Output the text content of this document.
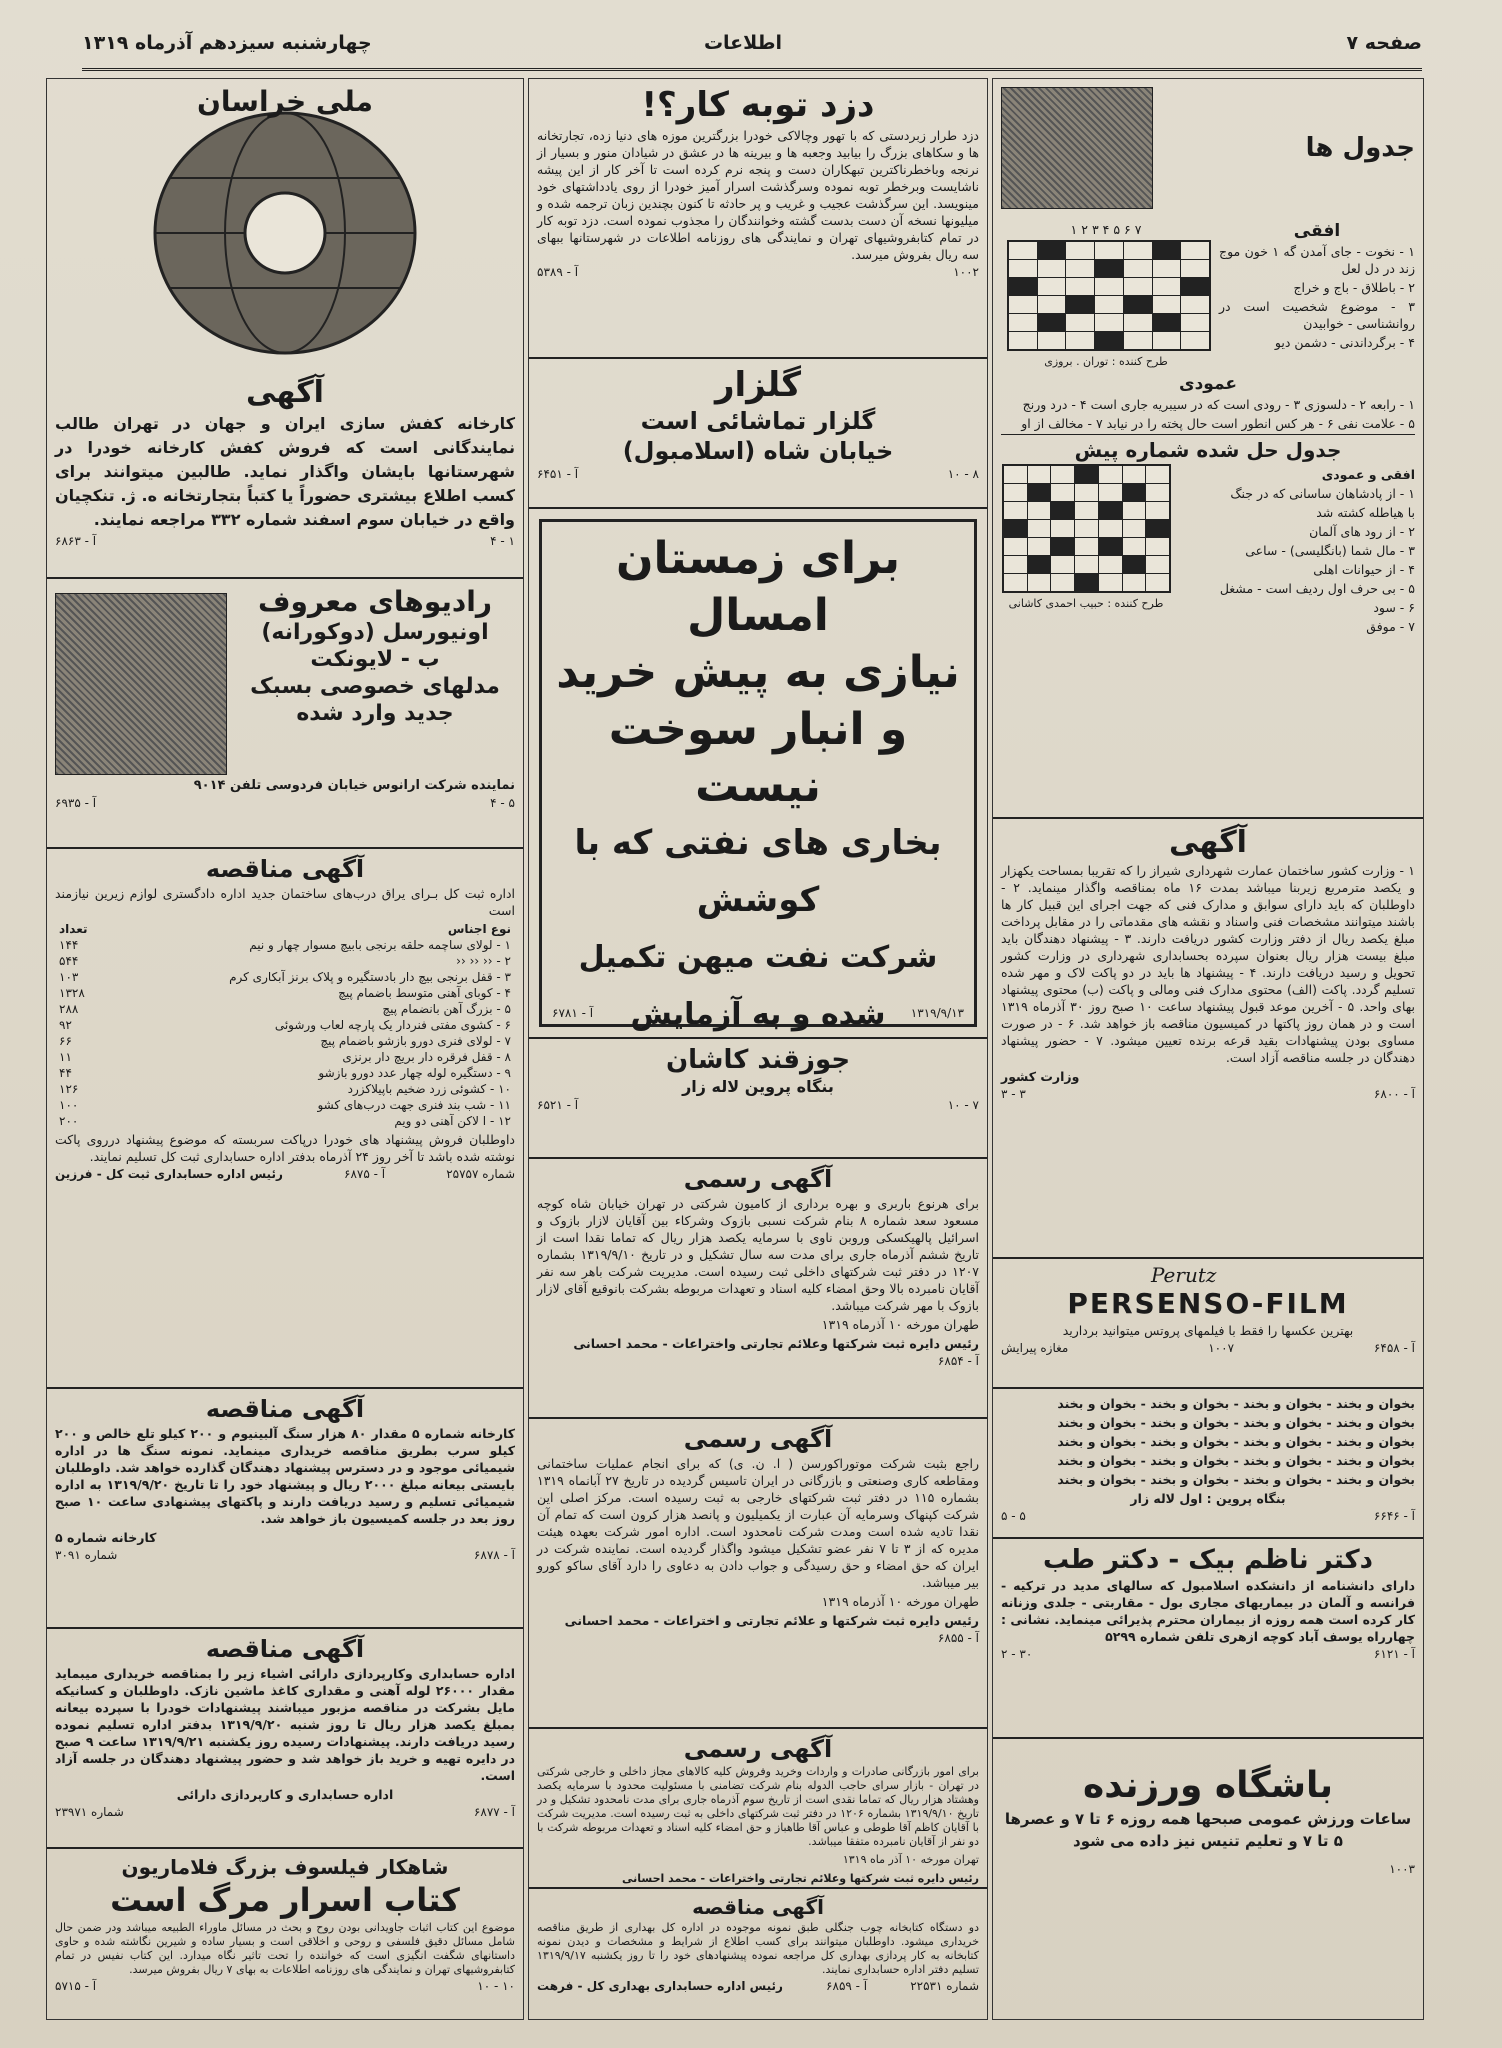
صفحه ۷
اطلاعات
چهارشنبه سیزدهم آذرماه ۱۳۱۹
جدول ها
افقی
۱ - نخوت - جای آمدن گه ۱ خون موج زند در دل لعل
۲ - باطلاق - باج و خراج
۳ - موضوع شخصیت است در روانشناسی - خوابیدن
۴ - برگرداندنی - دشمن دیو
۷ ۶ ۵ ۴ ۳ ۲ ۱
طرح کننده : توران . بروزی
عمودی
۱ - رابعه ۲ - دلسوزی ۳ - رودی است که در سیبریه جاری است ۴ - درد ورنج
۵ - علامت نفی ۶ - هر کس انطور است حال پخته را در نیابد ۷ - مخالف از او
جدول حل شده شماره پیش
افقی و عمودی
۱ - از پادشاهان ساسانی که در جنگ
با هیاطله کشته شد
۲ - از رود های آلمان
۳ - مال شما (بانگلیسی) - ساعی
۴ - از حیوانات اهلی
۵ - بی حرف اول ردیف است - مشغل
۶ - سود
۷ - موفق
طرح کننده : حبیب احمدی کاشانی
آگهی
۱ - وزارت کشور ساختمان عمارت شهرداری شیراز را که تقریبا بمساحت یکهزار و یکصد مترمربع زیربنا میباشد بمدت ۱۶ ماه بمناقصه واگذار مینماید. ۲ - داوطلبان که باید دارای سوابق و مدارک فنی که جهت اجرای این قبیل کار ها باشند میتوانند مشخصات فنی واسناد و نقشه های مقدماتی را در مقابل پرداخت مبلغ یکصد ریال از دفتر وزارت کشور دریافت دارند. ۳ - پیشنهاد دهندگان باید مبلغ بیست هزار ریال بعنوان سپرده بحسابداری شهرداری در وزارت کشور تحویل و رسید دریافت دارند. ۴ - پیشنهاد ها باید در دو پاکت لاک و مهر شده تسلیم گردد. پاکت (الف) محتوی مدارک فنی ومالی و پاکت (ب) محتوی پیشنهاد بهای واحد. ۵ - آخرین موعد قبول پیشنهاد ساعت ۱۰ صبح روز ۳۰ آذرماه ۱۳۱۹ است و در همان روز پاکتها در کمیسیون مناقصه باز خواهد شد. ۶ - در صورت مساوی بودن پیشنهادات بقید قرعه برنده تعیین میشود. ۷ - حضور پیشنهاد دهندگان در جلسه مناقصه آزاد است.
وزارت کشور
آ - ۶۸۰۰
۳ - ۳
Perutz
PERSENSO-FILM
بهترین عکسها را فقط با فیلمهای پروتس میتوانید بردارید
آ - ۶۴۵۸
۱۰۰۷
مغازه پیرایش
بخوان و بخند - بخوان و بخند - بخوان و بخند - بخوان و بخند
بخوان و بخند - بخوان و بخند - بخوان و بخند - بخوان و بخند
بخوان و بخند - بخوان و بخند - بخوان و بخند - بخوان و بخند
بخوان و بخند - بخوان و بخند - بخوان و بخند - بخوان و بخند
بخوان و بخند - بخوان و بخند - بخوان و بخند - بخوان و بخند
بنگاه پروین : اول لاله زار
آ - ۶۶۴۶
۵ - ۵
دکتر ناظم بیک - دکتر طب
دارای دانشنامه از دانشکده اسلامبول که سالهای مدید در ترکیه - فرانسه و آلمان در بیماریهای مجاری بول - مقاربتی - جلدی وزنانه کار کرده است همه روزه از بیماران محترم پذیرائی مینماید. نشانی : چهارراه یوسف آباد کوچه ازهری تلفن شماره ۵۲۹۹
آ - ۶۱۲۱
۳۰ - ۲
باشگاه ورزنده
ساعات ورزش عمومی صبحها همه روزه ۶ تا ۷ و عصرها ۵ تا ۷ و تعلیم تنیس نیز داده می شود
۱۰۰۳
دزد توبه کار؟!
دزد طرار زبردستی که با تهور وچالاکی خودرا بزرگترین موزه های دنیا زده، تجارتخانه ها و سکاهای بزرگ را بیابید وجعبه ها و بیرینه ها در عشق در شیادان منور و بسیار از نرنجه وباخطرناکترین تبهکاران دست و پنجه نرم کرده است تا آخر کار از این پیشه ناشایست وبرخطر توبه نموده وسرگذشت اسرار آمیز خودرا از روی یادداشتهای خود مینویسد. این سرگذشت عجیب و غریب و پر حادثه تا کنون بچندین زبان ترجمه شده و میلیونها نسخه آن دست بدست گشته وخوانندگان را مجذوب نموده است. دزد توبه کار در تمام کتابفروشیهای تهران و نمایندگی های روزنامه اطلاعات در شهرستانها ببهای سه ریال بفروش میرسد.
۱۰۰۲
آ - ۵۳۸۹
گلزار
گلزار تماشائی است
خیابان شاه (اسلامبول)
۸ - ۱۰
آ - ۶۴۵۱

برای زمستان امسال

نیازی به پیش خرید

و انبار سوخت نیست

بخاری های نفتی که با کوشش

شرکت نفت میهن تکمیل شده و به آزمایش	۱۳۱۹/۹/۱۳
آ - ۶۷۸۱
جوزقند کاشان
بنگاه پروین لاله زار
۷ - ۱۰
آ - ۶۵۲۱
آگهی رسمی
برای هرنوع باربری و بهره برداری از کامیون شرکتی در تهران خیابان شاه کوچه مسعود سعد شماره ۸ بنام شرکت نسبی بازوک وشرکاء بین آقایان لازار بازوک و اسرائیل پالهیکسکی وروبن ناوی با سرمایه یکصد هزار ریال که تماما نقدا است از تاریخ ششم آذرماه جاری برای مدت سه سال تشکیل و در تاریخ ۱۳۱۹/۹/۱۰ بشماره ۱۲۰۷ در دفتر ثبت شرکتهای داخلی ثبت رسیده است. مدیریت شرکت باهر سه نفر آقایان نامبرده بالا وحق امضاء کلیه اسناد و تعهدات مربوطه بشرکت بانوقیع آقای لازار بازوک با مهر شرکت میباشد.
طهران مورخه ۱۰ آذرماه ۱۳۱۹
رئیس دایره ثبت شرکتها وعلائم تجارتی واختراعات - محمد احسانی
آ - ۶۸۵۴
آگهی رسمی
راجع بثبت شرکت موتوراکورسن ( ا. ن. ی) که برای انجام عملیات ساختمانی ومقاطعه کاری وصنعتی و بازرگانی در ایران تاسیس گردیده در تاریخ ۲۷ آبانماه ۱۳۱۹ بشماره ۱۱۵ در دفتر ثبت شرکتهای خارجی به ثبت رسیده است. مرکز اصلی این شرکت کپنهاک وسرمایه آن عبارت از یکمیلیون و پانصد هزار کرون است که تمام آن نقدا تادیه شده است ومدت شرکت نامحدود است. اداره امور شرکت بعهده هیئت مدیره که از ۳ تا ۷ نفر عضو تشکیل میشود واگذار گردیده است. نماینده شرکت در ایران که حق امضاء و حق رسیدگی و جواب دادن به دعاوی را دارد آقای ساکو کورو بیر میباشد.
طهران مورخه ۱۰ آذرماه ۱۳۱۹
رئیس دایره ثبت شرکتها و علائم تجارتی و اختراعات - محمد احسانی
آ - ۶۸۵۵
آگهی رسمی
برای امور بازرگانی صادرات و واردات وخرید وفروش کلیه کالاهای مجاز داخلی و خارجی شرکتی در تهران - بازار سرای حاجب الدوله بنام شرکت تضامنی با مسئولیت محدود با سرمایه یکصد وهشتاد هزار ریال که تماما نقدی است از تاریخ سوم آذرماه جاری برای مدت نامحدود تشکیل و در تاریخ ۱۳۱۹/۹/۱۰ بشماره ۱۲۰۶ در دفتر ثبت شرکتهای داخلی به ثبت رسیده است. مدیریت شرکت با آقایان کاظم آقا طوطی و عباس آقا طاهباز و حق امضاء کلیه اسناد و تعهدات مربوطه شرکت با دو نفر از آقایان نامبرده متفقا میباشد.
تهران مورخه ۱۰ آذر ماه ۱۳۱۹
رئیس دایره ثبت شرکتها وعلائم تجارتی واختراعات - محمد احسانی
آگهی مناقصه
دو دستگاه کتابخانه چوب جنگلی طبق نمونه موجوده در اداره کل بهداری از طریق مناقصه خریداری میشود. داوطلبان میتوانند برای کسب اطلاع از شرایط و مشخصات و دیدن نمونه کتابخانه به کار پردازی بهداری کل مراجعه نموده پیشنهادهای خود را تا روز یکشنبه ۱۳۱۹/۹/۱۷ تسلیم دفتر اداره حسابداری نمایند.
شماره ۲۲۵۳۱
آ - ۶۸۵۹
رئیس اداره حسابداری بهداری کل - فرهت
ملی خراسان
آگهی
کارخانه کفش سازی ایران و جهان در تهران طالب نمایندگانی است که فروش کفش کارخانه خودرا در شهرستانها بایشان واگذار نماید. طالبین میتوانند برای کسب اطلاع بیشتری حضوراً یا کتباً بتجارتخانه ه. ژ. تنکچیان واقع در خیابان سوم اسفند شماره ۳۳۲ مراجعه نمایند.
۱ - ۴
آ - ۶۸۶۳
رادیوهای معروف
اونیورسل (دوکورانه)
ب - لایونکت
مدلهای خصوصی بسبک
جدید وارد شده
نماینده شرکت ارانوس خیابان فردوسی تلفن ۹۰۱۴
۵ - ۴
آ - ۶۹۳۵
آگهی مناقصه
اداره ثبت کل بـرای یراق درب‌های ساختمان جدید اداره دادگستری لوازم زیرین نیازمند است
نوع اجناس	تعداد
۱ - لولای ساچمه حلقه برنجی بابیچ مسوار چهار و نیم	۱۴۴
۲ - ‹‹ ‹‹ ‹‹	۵۴۴
۳ - قفل برنجی بیچ دار بادستگیره و پلاک برنز آبکاری کرم	۱۰۳
۴ - کوبای آهنی متوسط باضمام پیچ	۱۳۲۸
۵ - بزرگ آهن بانضمام پیچ	۲۸۸
۶ - کشوی مفتی فنردار یک پارچه لعاب ورشوئی	۹۲
۷ - لولای فنری دورو بازشو باضمام پیچ	۶۶
۸ - قفل فرقره دار بریچ دار برنزی	۱۱
۹ - دستگیره لوله چهار عدد دورو بازشو	۴۴
۱۰ - کشوئی زرد ضخیم باپیلاکزرد	۱۲۶
۱۱ - شب بند فنری جهت درب‌های کشو	۱۰۰
۱۲ - ا لاکن آهنی دو ویم	۲۰۰
داوطلبان فروش پیشنهاد های خودرا درپاکت سربسته که موضوع پیشنهاد درروی پاکت نوشته شده باشد تا آخر روز ۲۴ آذرماه بدفتر اداره حسابداری ثبت کل تسلیم نمایند.
شماره ۲۵۷۵۷
آ - ۶۸۷۵
رئیس اداره حسابداری ثبت کل - فرزین
آگهی مناقصه
کارخانه شماره ۵ مقدار ۸۰ هزار سنگ آلبینیوم و ۲۰۰ کیلو تلع خالص و ۲۰۰ کیلو سرب بطریق مناقصه خریداری مینماید. نمونه سنگ ها در اداره شیمیائی موجود و در دسترس پیشنهاد دهندگان گذارده خواهد شد. داوطلبان بایستی بیعانه مبلغ ۲۰۰۰ ریال و پیشنهاد خود را تا تاریخ ۱۳۱۹/۹/۲۰ به اداره شیمیائی تسلیم و رسید دریافت دارند و پاکتهای پیشنهادی ساعت ۱۰ صبح روز بعد در جلسه کمیسیون باز خواهد شد.
کارخانه شماره ۵
آ - ۶۸۷۸
شماره ۳۰۹۱
آگهی مناقصه
اداره حسابداری وکارپردازی دارائی اشیاء زیر را بمناقصه خریداری میبماید مقدار ۲۶۰۰۰ لوله آهنی و مقداری کاغذ ماشین نازک. داوطلبان و کسانیکه مایل بشرکت در مناقصه مزبور میباشند پیشنهادات خودرا با سپرده بیعانه بمبلغ یکصد هزار ریال تا روز شنبه ۱۳۱۹/۹/۲۰ بدفتر اداره تسلیم نموده رسید دریافت دارند. پیشنهادات رسیده روز یکشنبه ۱۳۱۹/۹/۲۱ ساعت ۹ صبح در دایره تهیه و خرید باز خواهد شد و حضور پیشنهاد دهندگان در جلسه آزاد است.
اداره حسابداری و کارپردازی دارائی
آ - ۶۸۷۷
شماره ۲۳۹۷۱
شاهکار فیلسوف بزرگ فلاماریون
کتاب اسرار مرگ است
موضوع این کتاب اثبات جاویدانی بودن روح و بحث در مسائل ماوراء الطبیعه میباشد ودر ضمن حال شامل مسائل دقیق فلسفی و روحی و اخلاقی است و بسیار ساده و شیرین نگاشته شده و حاوی داستانهای شگفت انگیزی است که خواننده را تحت تاثیر نگاه میدارد. این کتاب نفیس در تمام کتابفروشیهای تهران و نمایندگی های روزنامه اطلاعات به بهای ۷ ریال بفروش میرسد.
۱۰ - ۱۰
آ - ۵۷۱۵
